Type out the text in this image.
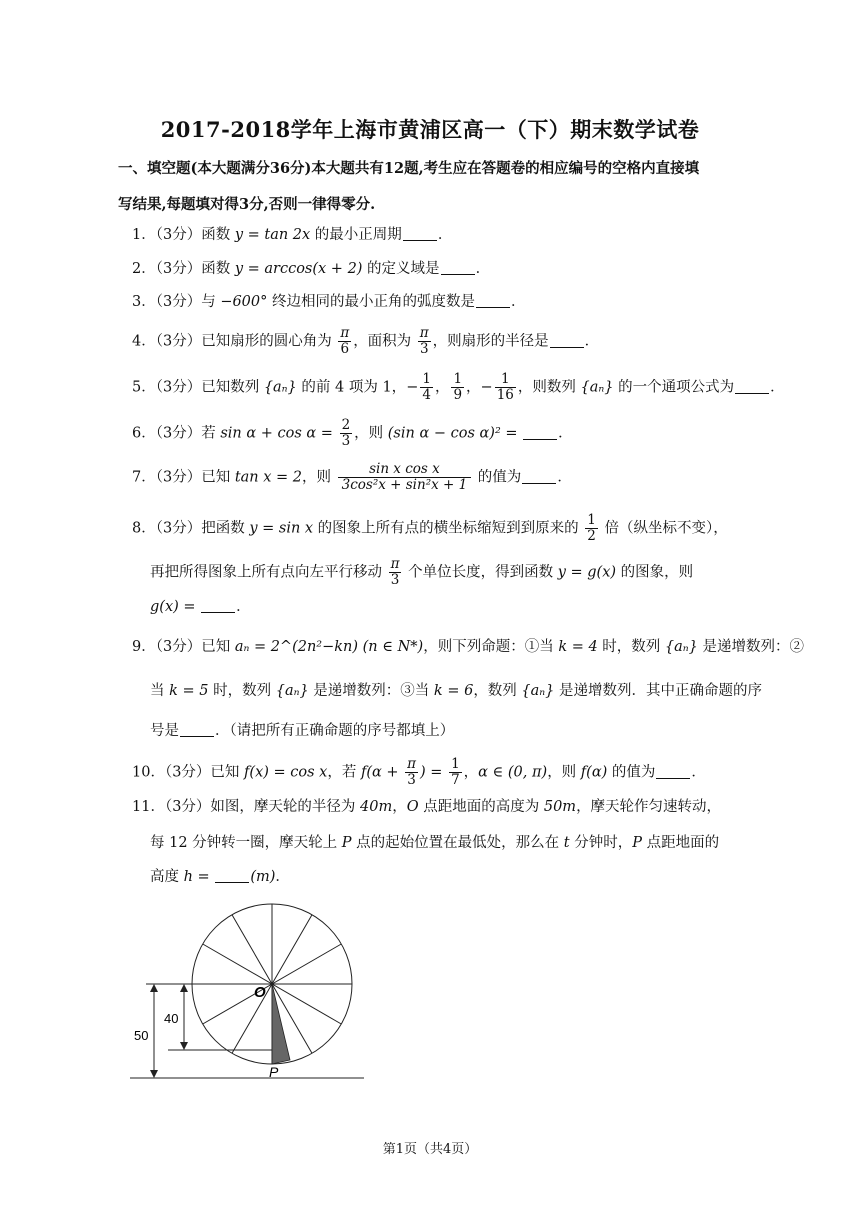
2017-2018学年上海市黄浦区高一（下）期末数学试卷
一、填空题(本大题满分36分)本大题共有12题,考生应在答题卷的相应编号的空格内直接填
写结果,每题填对得3分,否则一律得零分.
1．（3分）函数 y = tan 2x 的最小正周期 ．
2．（3分）函数 y = arccos(x + 2) 的定义域是 ．
3．（3分）与 −600° 终边相同的最小正角的弧度数是 ．
4．（3分）已知扇形的圆心角为 $\frac{\pi}{6}$ ，面积为 $\frac{\pi}{3}$ ，则扇形的半径是 ．
5．（3分）已知数列 {aₙ} 的前 4 项为 1，− $\frac{1}{4}$ ， $\frac{1}{9}$ ，− $\frac{1}{16}$ ，则数列 {aₙ} 的一个通项公式为 ．
6．（3分）若 $\sin \alpha + \cos \alpha = \frac{2}{3}$ ，则 (sin α − cos α)² = ．
7．（3分）已知 tan x = 2，则 $\frac{\text{sin x cos x}}{\text{3cos²x + sin²x + 1}}$ 的值为 ．
8．（3分）把函数 y = sin x 的图象上所有点的横坐标缩短到到原来的 $\frac{1}{2}$ 倍（纵坐标不变），
再把所得图象上所有点向左平行移动 $\frac{\pi}{3}$ 个单位长度，得到函数 y = g(x) 的图象，则
g(x) = ．
9．（3分）已知 aₙ = 2^(2n²−kn) (n ∈ N*)，则下列命题：①当 k = 4 时，数列 {aₙ} 是递增数列：②
当 k = 5 时，数列 {aₙ} 是递增数列：③当 k = 6，数列 {aₙ} 是递增数列．其中正确命题的序
号是 ．（请把所有正确命题的序号都填上）
10．（3分）已知 f(x) = cos x，若 $f(\alpha + \frac{\pi}{3}$ ) = $\frac{1}{7}$ ，α ∈ (0, π)，则 f(α) 的值为 ．
11．（3分）如图，摩天轮的半径为 40m，O 点距地面的高度为 50m，摩天轮作匀速转动，
每 12 分钟转一圈，摩天轮上 P 点的起始位置在最低处，那么在 t 分钟时，P 点距地面的
高度 h = (m)．
O
P
40
50
第1页（共4页）
